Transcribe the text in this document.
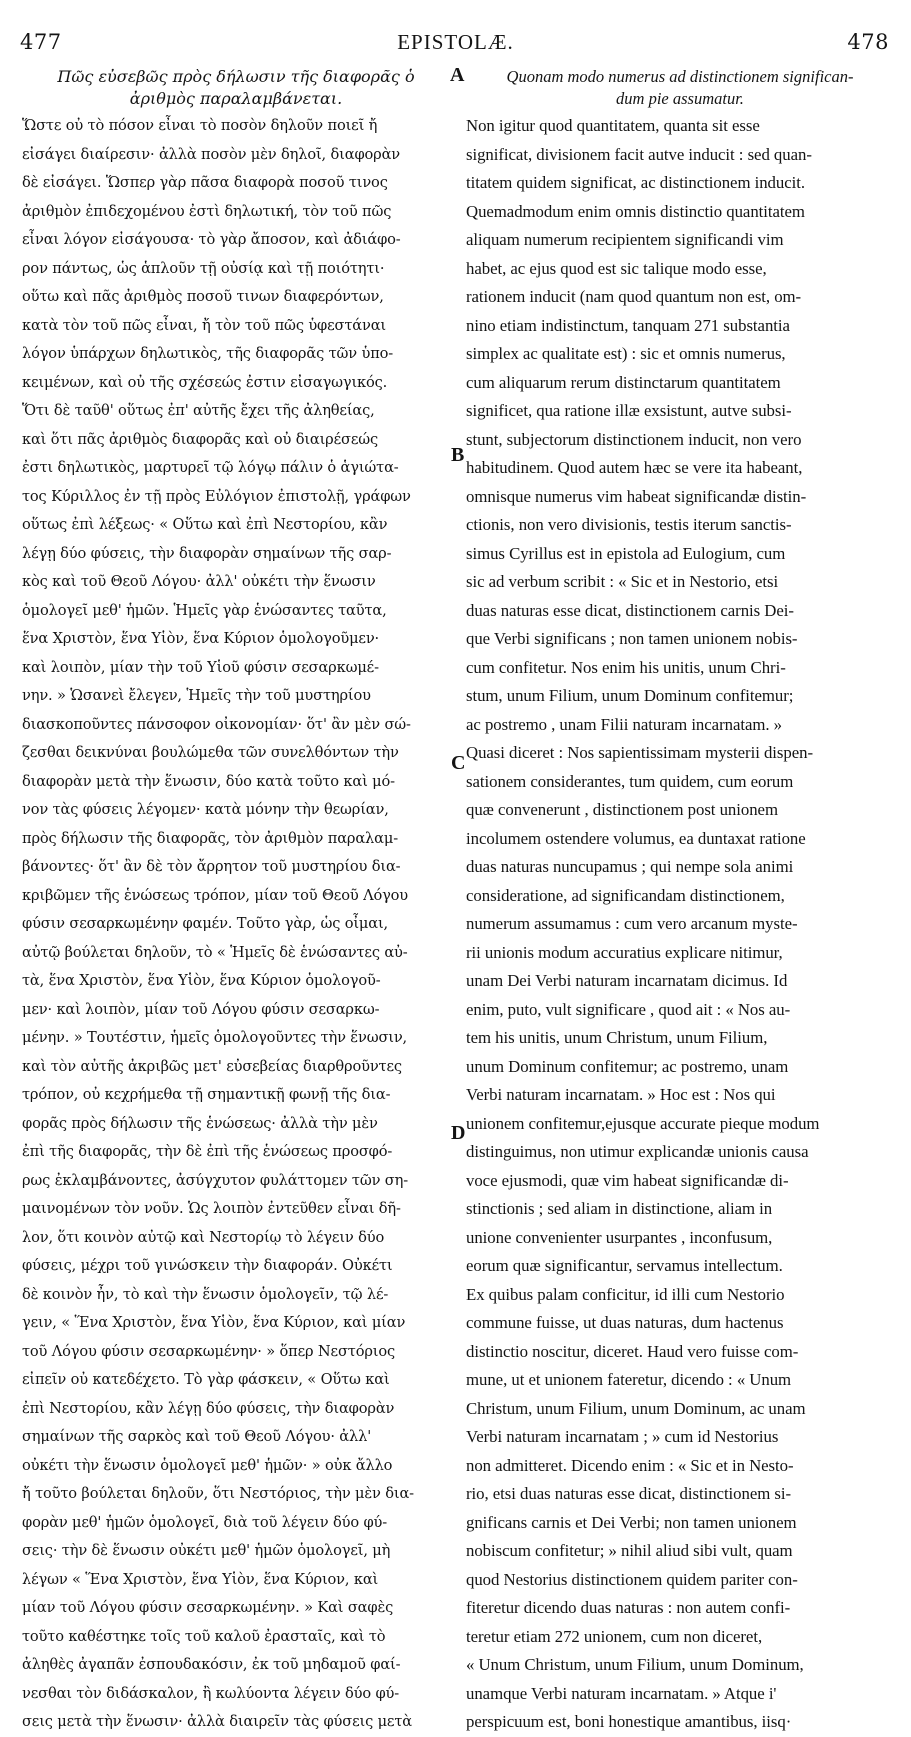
477	EPISTOLÆ.	478
A
B
C
D
Πῶς εὐσεβῶς πρὸς δήλωσιν τῆς διαφορᾶς ὁ
ἀριθμὸς παραλαμβάνεται.
Ὥστε οὐ τὸ πόσον εἶναι τὸ ποσὸν δηλοῦν ποιεῖ ἤ
εἰσάγει διαίρεσιν· ἀλλὰ ποσὸν μὲν δηλοῖ, διαφορὰν
δὲ εἰσάγει. Ὥσπερ γὰρ πᾶσα διαφορὰ ποσοῦ τινος
ἀριθμὸν ἐπιδεχομένου ἐστὶ δηλωτική, τὸν τοῦ πῶς
εἶναι λόγον εἰσάγουσα· τὸ γὰρ ἄποσον, καὶ ἀδιάφο-
ρον πάντως, ὡς ἁπλοῦν τῇ οὐσίᾳ καὶ τῇ ποιότητι·
οὕτω καὶ πᾶς ἀριθμὸς ποσοῦ τινων διαφερόντων,
κατὰ τὸν τοῦ πῶς εἶναι, ἤ τὸν τοῦ πῶς ὑφεστάναι
λόγον ὑπάρχων δηλωτικὸς, τῆς διαφορᾶς τῶν ὑπο-
κειμένων, καὶ οὐ τῆς σχέσεώς ἐστιν εἰσαγωγικός.
Ὅτι δὲ ταῦθ' οὕτως ἐπ' αὐτῆς ἔχει τῆς ἀληθείας,
καὶ ὅτι πᾶς ἀριθμὸς διαφορᾶς καὶ οὐ διαιρέσεώς
ἐστι δηλωτικὸς, μαρτυρεῖ τῷ λόγῳ πάλιν ὁ ἁγιώτα-
τος Κύριλλος ἐν τῇ πρὸς Εὐλόγιον ἐπιστολῇ, γράφων
οὕτως ἐπὶ λέξεως· « Οὕτω καὶ ἐπὶ Νεστορίου, κἂν
λέγῃ δύο φύσεις, τὴν διαφορὰν σημαίνων τῆς σαρ-
κὸς καὶ τοῦ Θεοῦ Λόγου· ἀλλ' οὐκέτι τὴν ἕνωσιν
ὁμολογεῖ μεθ' ἡμῶν. Ἡμεῖς γὰρ ἑνώσαντες ταῦτα,
ἕνα Χριστὸν, ἕνα Υἱὸν, ἕνα Κύριον ὁμολογοῦμεν·
καὶ λοιπὸν, μίαν τὴν τοῦ Υἱοῦ φύσιν σεσαρκωμέ-
νην. » Ὡσανεὶ ἔλεγεν, Ἡμεῖς τὴν τοῦ μυστηρίου
διασκοποῦντες πάνσοφον οἰκονομίαν· ὅτ' ἂν μὲν σώ-
ζεσθαι δεικνύναι βουλώμεθα τῶν συνελθόντων τὴν
διαφορὰν μετὰ τὴν ἕνωσιν, δύο κατὰ τοῦτο καὶ μό-
νον τὰς φύσεις λέγομεν· κατὰ μόνην τὴν θεωρίαν,
πρὸς δήλωσιν τῆς διαφορᾶς, τὸν ἀριθμὸν παραλαμ-
βάνοντες· ὅτ' ἂν δὲ τὸν ἄρρητον τοῦ μυστηρίου δια-
κριβῶμεν τῆς ἑνώσεως τρόπον, μίαν τοῦ Θεοῦ Λόγου
φύσιν σεσαρκωμένην φαμέν. Τοῦτο γὰρ, ὡς οἶμαι,
αὐτῷ βούλεται δηλοῦν, τὸ « Ἡμεῖς δὲ ἑνώσαντες αὐ-
τὰ, ἕνα Χριστὸν, ἕνα Υἱὸν, ἕνα Κύριον ὁμολογοῦ-
μεν· καὶ λοιπὸν, μίαν τοῦ Λόγου φύσιν σεσαρκω-
μένην. » Τουτέστιν, ἡμεῖς ὁμολογοῦντες τὴν ἕνωσιν,
καὶ τὸν αὐτῆς ἀκριβῶς μετ' εὐσεβείας διαρθροῦντες
τρόπον, οὐ κεχρήμεθα τῇ σημαντικῇ φωνῇ τῆς δια-
φορᾶς πρὸς δήλωσιν τῆς ἑνώσεως· ἀλλὰ τὴν μὲν
ἐπὶ τῆς διαφορᾶς, τὴν δὲ ἐπὶ τῆς ἑνώσεως προσφό-
ρως ἐκλαμβάνοντες, ἀσύγχυτον φυλάττομεν τῶν ση-
μαινομένων τὸν νοῦν. Ὡς λοιπὸν ἐντεῦθεν εἶναι δῆ-
λον, ὅτι κοινὸν αὐτῷ καὶ Νεστορίῳ τὸ λέγειν δύο
φύσεις, μέχρι τοῦ γινώσκειν τὴν διαφοράν. Οὐκέτι
δὲ κοινὸν ἦν, τὸ καὶ τὴν ἕνωσιν ὁμολογεῖν, τῷ λέ-
γειν, « Ἕνα Χριστὸν, ἕνα Υἱὸν, ἕνα Κύριον, καὶ μίαν
τοῦ Λόγου φύσιν σεσαρκωμένην· » ὅπερ Νεστόριος
εἰπεῖν οὐ κατεδέχετο. Τὸ γὰρ φάσκειν, « Οὕτω καὶ
ἐπὶ Νεστορίου, κἂν λέγῃ δύο φύσεις, τὴν διαφορὰν
σημαίνων τῆς σαρκὸς καὶ τοῦ Θεοῦ Λόγου· ἀλλ'
οὐκέτι τὴν ἕνωσιν ὁμολογεῖ μεθ' ἡμῶν· » οὐκ ἄλλο
ἤ τοῦτο βούλεται δηλοῦν, ὅτι Νεστόριος, τὴν μὲν δια-
φορὰν μεθ' ἡμῶν ὁμολογεῖ, διὰ τοῦ λέγειν δύο φύ-
σεις· τὴν δὲ ἕνωσιν οὐκέτι μεθ' ἡμῶν ὁμολογεῖ, μὴ
λέγων « Ἕνα Χριστὸν, ἕνα Υἱὸν, ἕνα Κύριον, καὶ
μίαν τοῦ Λόγου φύσιν σεσαρκωμένην. » Καὶ σαφὲς
τοῦτο καθέστηκε τοῖς τοῦ καλοῦ ἐρασταῖς, καὶ τὸ
ἀληθὲς ἀγαπᾶν ἐσπουδακόσιν, ἐκ τοῦ μηδαμοῦ φαί-
νεσθαι τὸν διδάσκαλον, ἢ κωλύοντα λέγειν δύο φύ-
σεις μετὰ τὴν ἕνωσιν· ἀλλὰ διαιρεῖν τὰς φύσεις μετὰ
Quonam modo numerus ad distinctionem significan-
dum pie assumatur.
Non igitur quod quantitatem, quanta sit esse
significat, divisionem facit autve inducit : sed quan-
titatem quidem significat, ac distinctionem inducit.
Quemadmodum enim omnis distinctio quantitatem
aliquam numerum recipientem significandi vim
habet, ac ejus quod est sic talique modo esse,
rationem inducit (nam quod quantum non est, om-
nino etiam indistinctum, tanquam 271 substantia
simplex ac qualitate est) : sic et omnis numerus,
cum aliquarum rerum distinctarum quantitatem
significet, qua ratione illæ exsistunt, autve subsi-
stunt, subjectorum distinctionem inducit, non vero
habitudinem. Quod autem hæc se vere ita habeant,
omnisque numerus vim habeat significandæ distin-
ctionis, non vero divisionis, testis iterum sanctis-
simus Cyrillus est in epistola ad Eulogium, cum
sic ad verbum scribit : « Sic et in Nestorio, etsi
duas naturas esse dicat, distinctionem carnis Dei-
que Verbi significans ; non tamen unionem nobis-
cum confitetur. Nos enim his unitis, unum Chri-
stum, unum Filium, unum Dominum confitemur;
ac postremo , unam Filii naturam incarnatam. »
Quasi diceret : Nos sapientissimam mysterii dispen-
sationem considerantes, tum quidem, cum eorum
quæ convenerunt , distinctionem post unionem
incolumem ostendere volumus, ea duntaxat ratione
duas naturas nuncupamus ; qui nempe sola animi
consideratione, ad significandam distinctionem,
numerum assumamus : cum vero arcanum myste-
rii unionis modum accuratius explicare nitimur,
unam Dei Verbi naturam incarnatam dicimus. Id
enim, puto, vult significare , quod ait : « Nos au-
tem his unitis, unum Christum, unum Filium,
unum Dominum confitemur; ac postremo, unam
Verbi naturam incarnatam. » Hoc est : Nos qui
unionem confitemur,ejusque accurate pieque modum
distinguimus, non utimur explicandæ unionis causa
voce ejusmodi, quæ vim habeat significandæ di-
stinctionis ; sed aliam in distinctione, aliam in
unione convenienter usurpantes , inconfusum,
eorum quæ significantur, servamus intellectum.
Ex quibus palam conficitur, id illi cum Nestorio
commune fuisse, ut duas naturas, dum hactenus
distinctio noscitur, diceret. Haud vero fuisse com-
mune, ut et unionem fateretur, dicendo : « Unum
Christum, unum Filium, unum Dominum, ac unam
Verbi naturam incarnatam ; » cum id Nestorius
non admitteret. Dicendo enim : « Sic et in Nesto-
rio, etsi duas naturas esse dicat, distinctionem si-
gnificans carnis et Dei Verbi; non tamen unionem
nobiscum confitetur; » nihil aliud sibi vult, quam
quod Nestorius distinctionem quidem pariter con-
fiteretur dicendo duas naturas : non autem confi-
teretur etiam 272 unionem, cum non diceret,
« Unum Christum, unum Filium, unum Dominum,
unamque Verbi naturam incarnatam. » Atque i'
perspicuum est, boni honestique amantibus, iisq·
